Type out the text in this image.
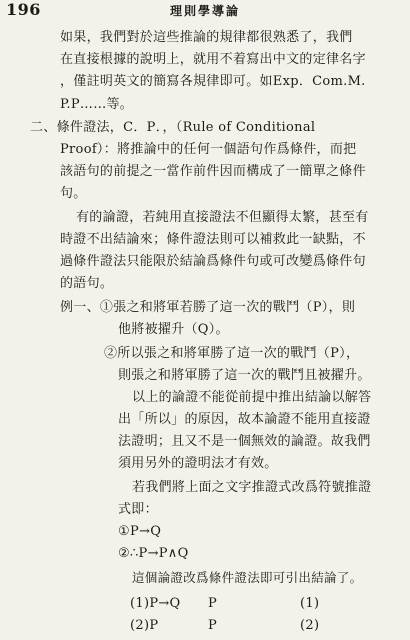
196	理則學導論
如果，我們對於這些推論的規律都很熟悉了，我們
在直接根據的說明上，就用不着寫出中文的定律名字
，僅註明英文的簡寫各規律即可。如Exp．Com.M.
P.P……等。
二、條件證法，C．P．，（Rule of Conditional
Proof）：將推論中的任何一個語句作爲條件，而把
該語句的前提之一當作前件因而構成了一簡單之條件
句。
有的論證，若純用直接證法不但顯得太繁，甚至有
時證不出結論來；條件證法則可以補救此一缺點，不
過條件證法只能限於結論爲條件句或可改變爲條件句
的語句。
例一、①張之和將軍若勝了這一次的戰鬥（P），則
他將被擢升（Q）。
②所以張之和將軍勝了這一次的戰鬥（P），
則張之和將軍勝了這一次的戰鬥且被擢升。
以上的論證不能從前提中推出結論以解答
出「所以」的原因，故本論證不能用直接證
法證明；且又不是一個無效的論證。故我們
須用另外的證明法才有效。
若我們將上面之文字推證式改爲符號推證
式即：
①P→Q
②∴P→P∧Q
這個論證改爲條件證法即可引出結論了。
(1)P→Q P	(1)
(2)P	P	(2)
